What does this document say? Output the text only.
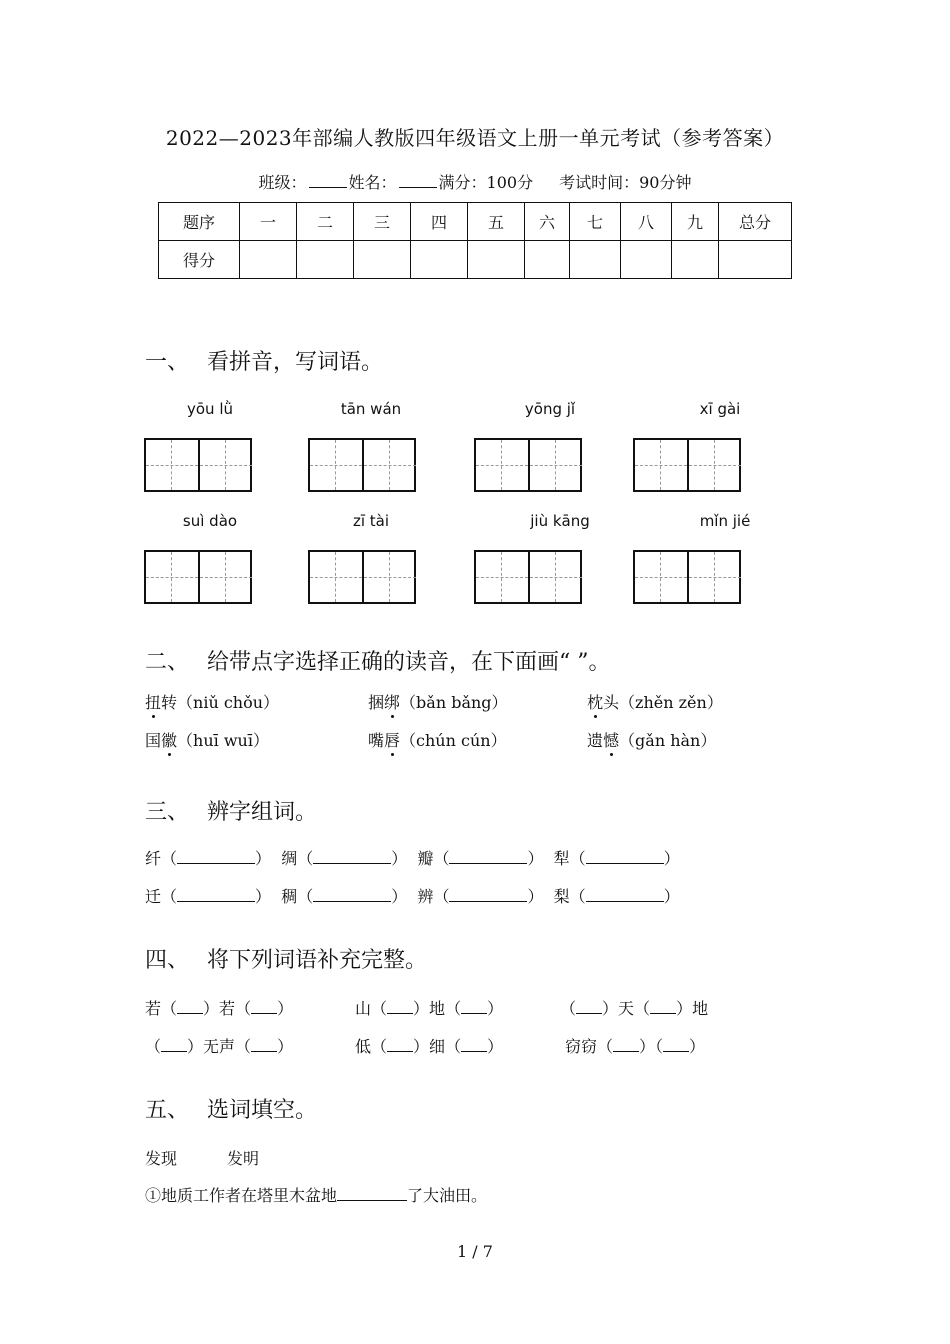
2022—2023年部编人教版四年级语文上册一单元考试（参考答案）
班级：	姓名：	满分：100分 考试时间：90分钟
题序	一	二	三	四	五	六	七	八	九	总分
得分										
一、 看拼音，写词语。
yōu lǜ	tān wán	yōng jǐ	xī gài
suì dào	zī tài	jiù kāng	mǐn jié
二、 给带点字选择正确的读音，在下面画“ ”。
扭转（niǔ chǒu）	捆绑（bǎn bǎng）	枕头（zhěn zěn）
国徽（huī wuī）	嘴唇（chún cún）	遗憾（gǎn hàn）
三、 辨字组词。
纤（	）  绸（	）  瓣（	）  犁（	）
迁（	）  稠（	）  辨（	）  梨（	）
四、 将下列词语补充完整。
若（ ）若（ ）	山（ ）地（ ）	（ ）天（ ）地
（ ）无声（ ）	低（ ）细（ ）	窃窃（ ）（ ）
五、 选词填空。
发现	发明
①地质工作者在塔里木盆地	了大油田。
1 / 7
